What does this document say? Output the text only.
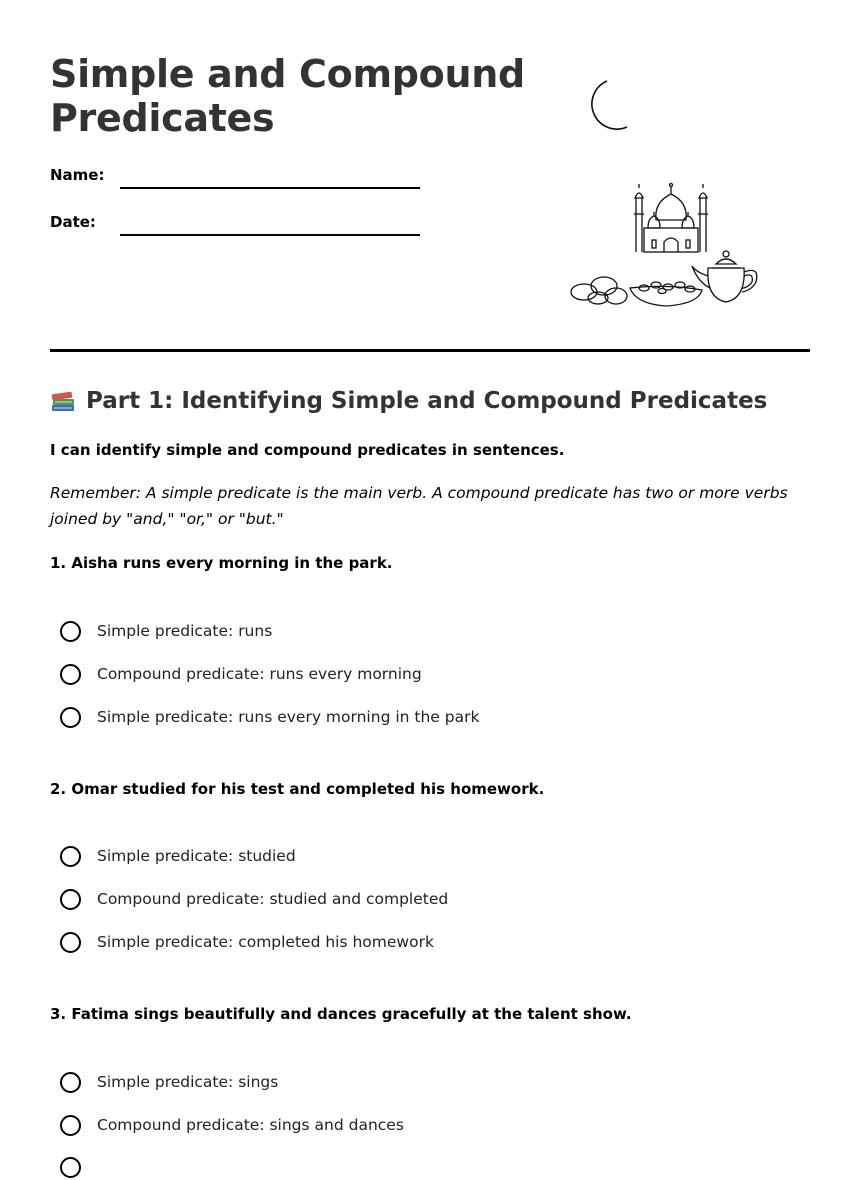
Simple and Compound Predicates
Name:
Date:
Part 1: Identifying Simple and Compound Predicates
I can identify simple and compound predicates in sentences.
Remember: A simple predicate is the main verb. A compound predicate has two or more verbs joined by "and," "or," or "but."
1. Aisha runs every morning in the park.
Simple predicate: runs
Compound predicate: runs every morning
Simple predicate: runs every morning in the park
2. Omar studied for his test and completed his homework.
Simple predicate: studied
Compound predicate: studied and completed
Simple predicate: completed his homework
3. Fatima sings beautifully and dances gracefully at the talent show.
Simple predicate: sings
Compound predicate: sings and dances
